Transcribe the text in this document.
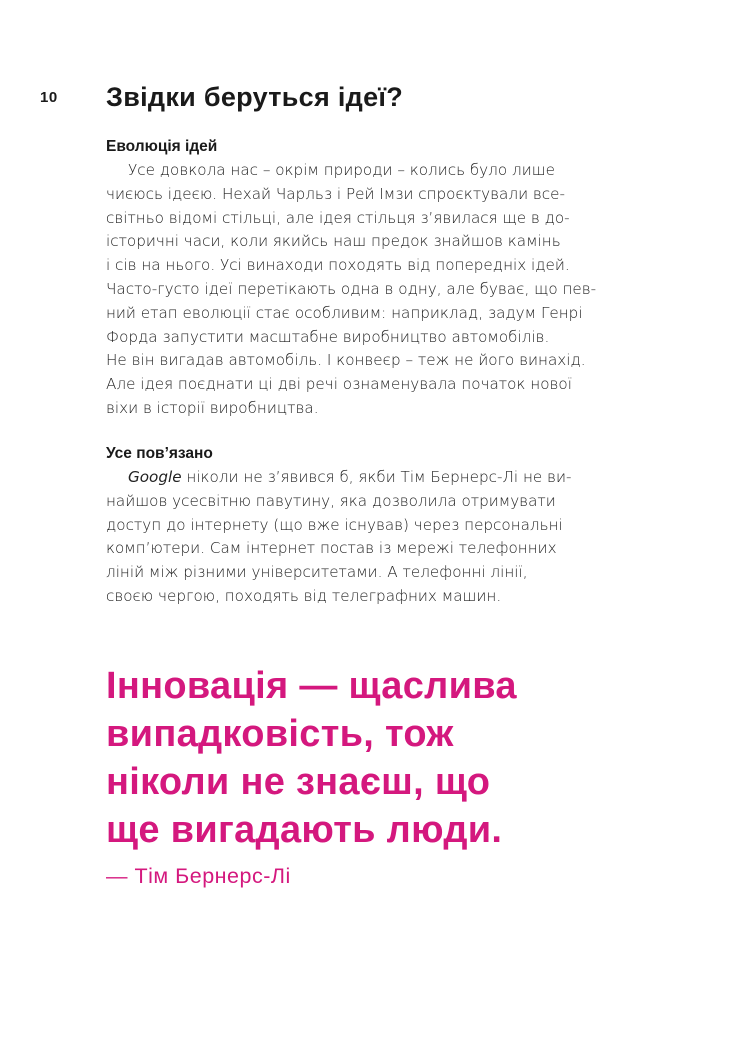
10 Звідки беруться ідеї?
Еволюція ідей

Усе довкола нас – окрім природи – колись було лише
чиєюсь ідеєю. Нехай Чарльз і Рей Імзи спроєктували все-
світньо відомі стільці, але ідея стільця з’явилася ще в до-
історичні часи, коли якийсь наш предок знайшов камінь
і сів на нього. Усі винаходи походять від попередніх ідей.
Часто-густо ідеї перетікають одна в одну, але буває, що пев-
ний етап еволюції стає особливим: наприклад, задум Генрі
Форда запустити масштабне виробництво автомобілів.
Не він вигадав автомобіль. І конвеєр – теж не його винахід.
Але ідея поєднати ці дві речі ознаменувала початок нової
віхи в історії виробництва.

Усе пов’язано

Google ніколи не з’явився б, якби Тім Бернерс-Лі не ви-
найшов усесвітню павутину, яка дозволила отримувати
доступ до інтернету (що вже існував) через персональні
комп’ютери. Сам інтернет постав із мережі телефонних
ліній між різними університетами. А телефонні лінії,
своєю чергою, походять від телеграфних машин.

Інновація — щаслива
випадковість, тож
ніколи не знаєш, що
ще вигадають люди.

— Тім Бернерс-Лі
